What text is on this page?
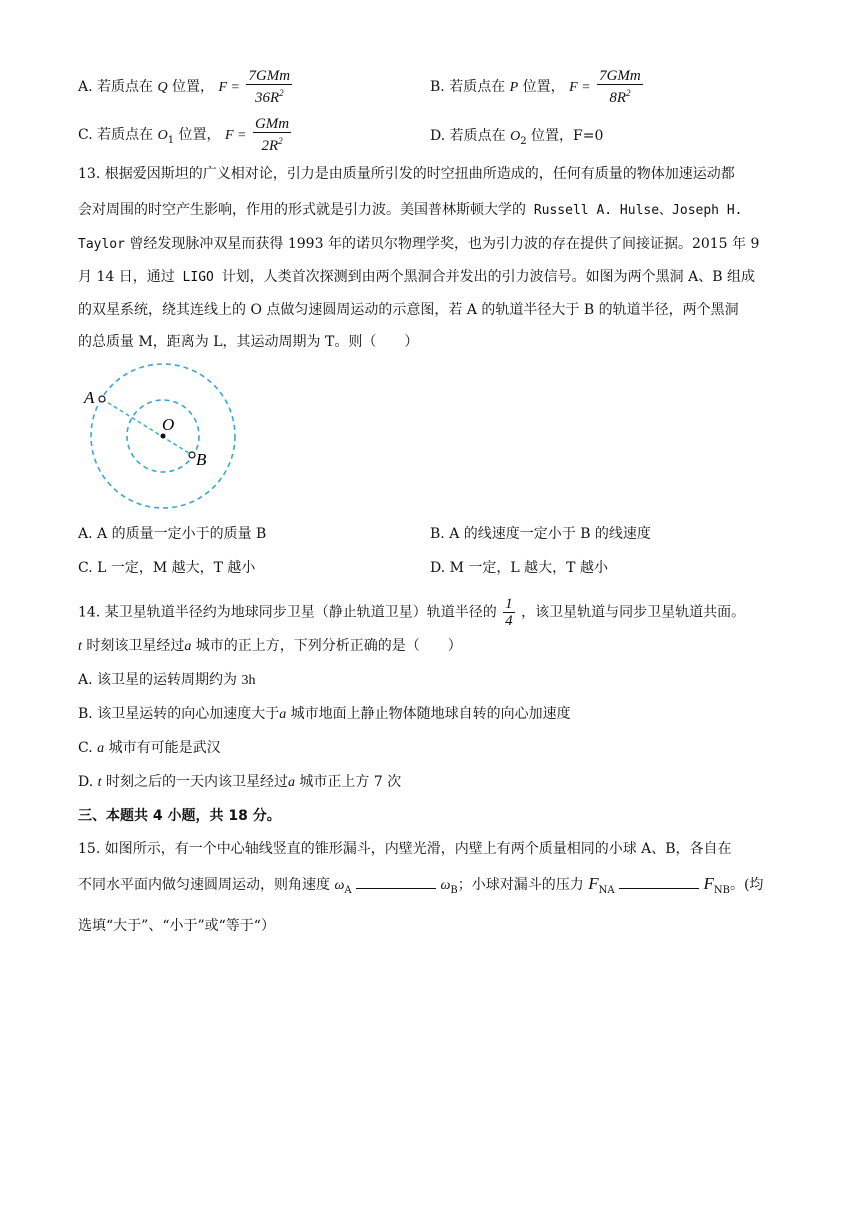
A. 若质点在 Q 位置， $F = \frac{\text{7GMm}}{36R^2}$	B. 若质点在 P 位置， $F = \frac{\text{7GMm}}{8R^2}$
C. 若质点在 $O_1$ 位置， $F = \frac{\text{GMm}}{2R^2}$	D. 若质点在 $O_2$ 位置，F=0
13. 根据爱因斯坦的广义相对论，引力是由质量所引发的时空扭曲所造成的，任何有质量的物体加速运动都
会对周围的时空产生影响，作用的形式就是引力波。美国普林斯顿大学的 Russell A. Hulse、Joseph H.
Taylor 曾经发现脉冲双星而获得 1993 年的诺贝尔物理学奖，也为引力波的存在提供了间接证据。2015 年 9
月 14 日，通过 LIGO 计划，人类首次探测到由两个黑洞合并发出的引力波信号。如图为两个黑洞 A、B 组成
的双星系统，绕其连线上的 O 点做匀速圆周运动的示意图，若 A 的轨道半径大于 B 的轨道半径，两个黑洞
的总质量 M，距离为 L，其运动周期为 T。则（　　）
A
O
B
A. A 的质量一定小于的质量 B	B. A 的线速度一定小于 B 的线速度
C. L 一定，M 越大，T 越小	D. M 一定，L 越大，T 越小
14. 某卫星轨道半径约为地球同步卫星（静止轨道卫星）轨道半径的 $\frac{1}{4}$ ，该卫星轨道与同步卫星轨道共面。
t 时刻该卫星经过a 城市的正上方，下列分析正确的是（　　）
A. 该卫星的运转周期约为 3h
B. 该卫星运转的向心加速度大于a 城市地面上静止物体随地球自转的向心加速度
C. a 城市有可能是武汉
D. t 时刻之后的一天内该卫星经过a 城市正上方 7 次
三、本题共 4 小题，共 18 分。
15. 如图所示，有一个中心轴线竖直的锥形漏斗，内壁光滑，内壁上有两个质量相同的小球 A、B，各自在
不同水平面内做匀速圆周运动，则角速度 $\omega_A$	$\omega_B$；小球对漏斗的压力 $F_{NA}$	$F_{NB}$。(均
选填“大于”、“小于”或“等于“）
